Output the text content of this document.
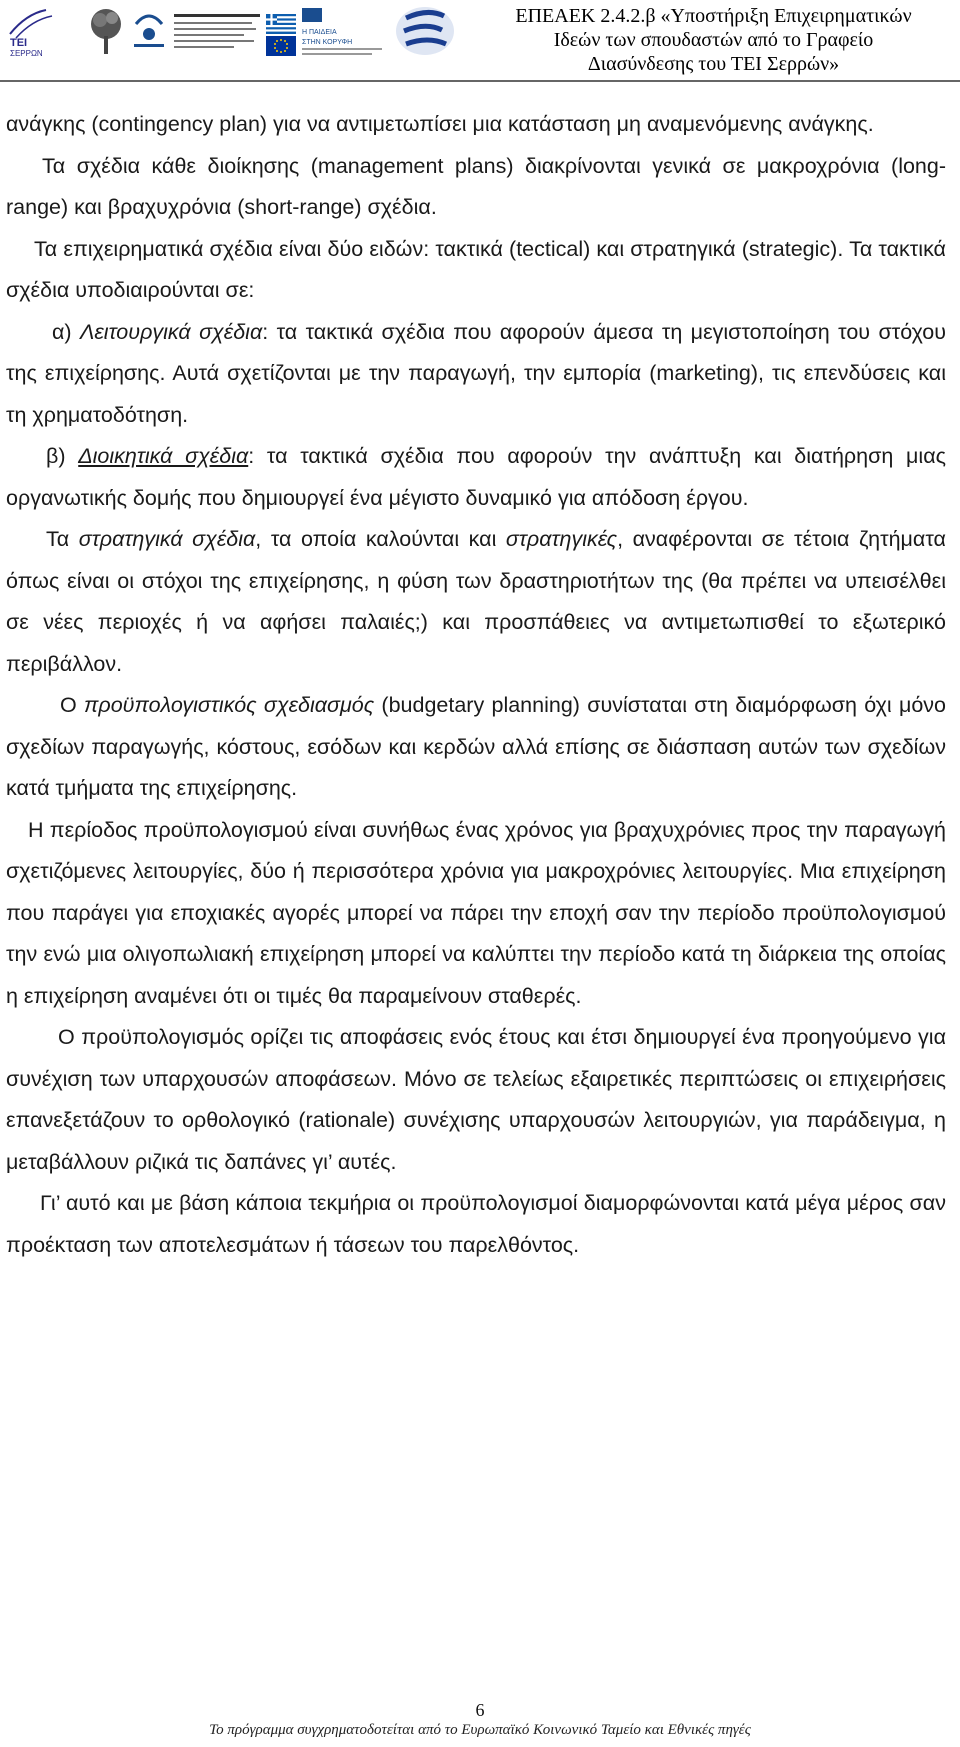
ΤΕΙ
ΣΕΡΡΩΝ
Η ΠΑΙΔΕΙΑ
ΣΤΗΝ ΚΟΡΥΦΗ
ΕΠΕΑΕΚ 2.4.2.β «Υποστήριξη Επιχειρηματικών
Ιδεών των σπουδαστών από το Γραφείο
Διασύνδεσης του ΤΕΙ Σερρών»

ανάγκης (contingency plan) για να αντιμετωπίσει μια κατάσταση μη αναμενόμενης ανάγκης.

Τα σχέδια κάθε διοίκησης (management plans) διακρίνονται γενικά σε μακροχρόνια (long-range) και βραχυχρόνια (short-range) σχέδια.

Τα επιχειρηματικά σχέδια είναι δύο ειδών: τακτικά (tectical) και στρατηγικά (strategic). Τα τακτικά σχέδια υποδιαιρούνται σε:

α) Λειτουργικά σχέδια: τα τακτικά σχέδια που αφορούν άμεσα τη μεγιστοποίηση του στόχου της επιχείρησης. Αυτά σχετίζονται με την παραγωγή, την εμπορία (marketing), τις επενδύσεις και τη χρηματοδότηση.

β) Διοικητικά σχέδια: τα τακτικά σχέδια που αφορούν την ανάπτυξη και διατήρηση μιας οργανωτικής δομής που δημιουργεί ένα μέγιστο δυναμικό για απόδοση έργου.

Τα στρατηγικά σχέδια, τα οποία καλούνται και στρατηγικές, αναφέρονται σε τέτοια ζητήματα όπως είναι οι στόχοι της επιχείρησης, η φύση των δραστηριοτήτων της (θα πρέπει να υπεισέλθει σε νέες περιοχές ή να αφήσει παλαιές;) και προσπάθειες να αντιμετωπισθεί το εξωτερικό περιβάλλον.

Ο προϋπολογιστικός σχεδιασμός (budgetary planning) συνίσταται στη διαμόρφωση όχι μόνο σχεδίων παραγωγής, κόστους, εσόδων και κερδών αλλά επίσης σε διάσπαση αυτών των σχεδίων κατά τμήματα της επιχείρησης.

Η περίοδος προϋπολογισμού είναι συνήθως ένας χρόνος για βραχυχρόνιες προς την παραγωγή σχετιζόμενες λειτουργίες, δύο ή περισσότερα χρόνια για μακροχρόνιες λειτουργίες. Μια επιχείρηση που παράγει για εποχιακές αγορές μπορεί να πάρει την εποχή σαν την περίοδο προϋπολογισμού την ενώ μια ολιγοπωλιακή επιχείρηση μπορεί να καλύπτει την περίοδο κατά τη διάρκεια της οποίας η επιχείρηση αναμένει ότι οι τιμές θα παραμείνουν σταθερές.

Ο προϋπολογισμός ορίζει τις αποφάσεις ενός έτους και έτσι δημιουργεί ένα προηγούμενο για συνέχιση των υπαρχουσών αποφάσεων. Μόνο σε τελείως εξαιρετικές περιπτώσεις οι επιχειρήσεις επανεξετάζουν το ορθολογικό (rationale) συνέχισης υπαρχουσών λειτουργιών, για παράδειγμα, η μεταβάλλουν ριζικά τις δαπάνες γι’ αυτές.

Γι’ αυτό και με βάση κάποια τεκμήρια οι προϋπολογισμοί διαμορφώνονται κατά μέγα μέρος σαν προέκταση των αποτελεσμάτων ή τάσεων του παρελθόντος.

6
Το πρόγραμμα συγχρηματοδοτείται από το Ευρωπαϊκό Κοινωνικό Ταμείο και Εθνικές πηγές
